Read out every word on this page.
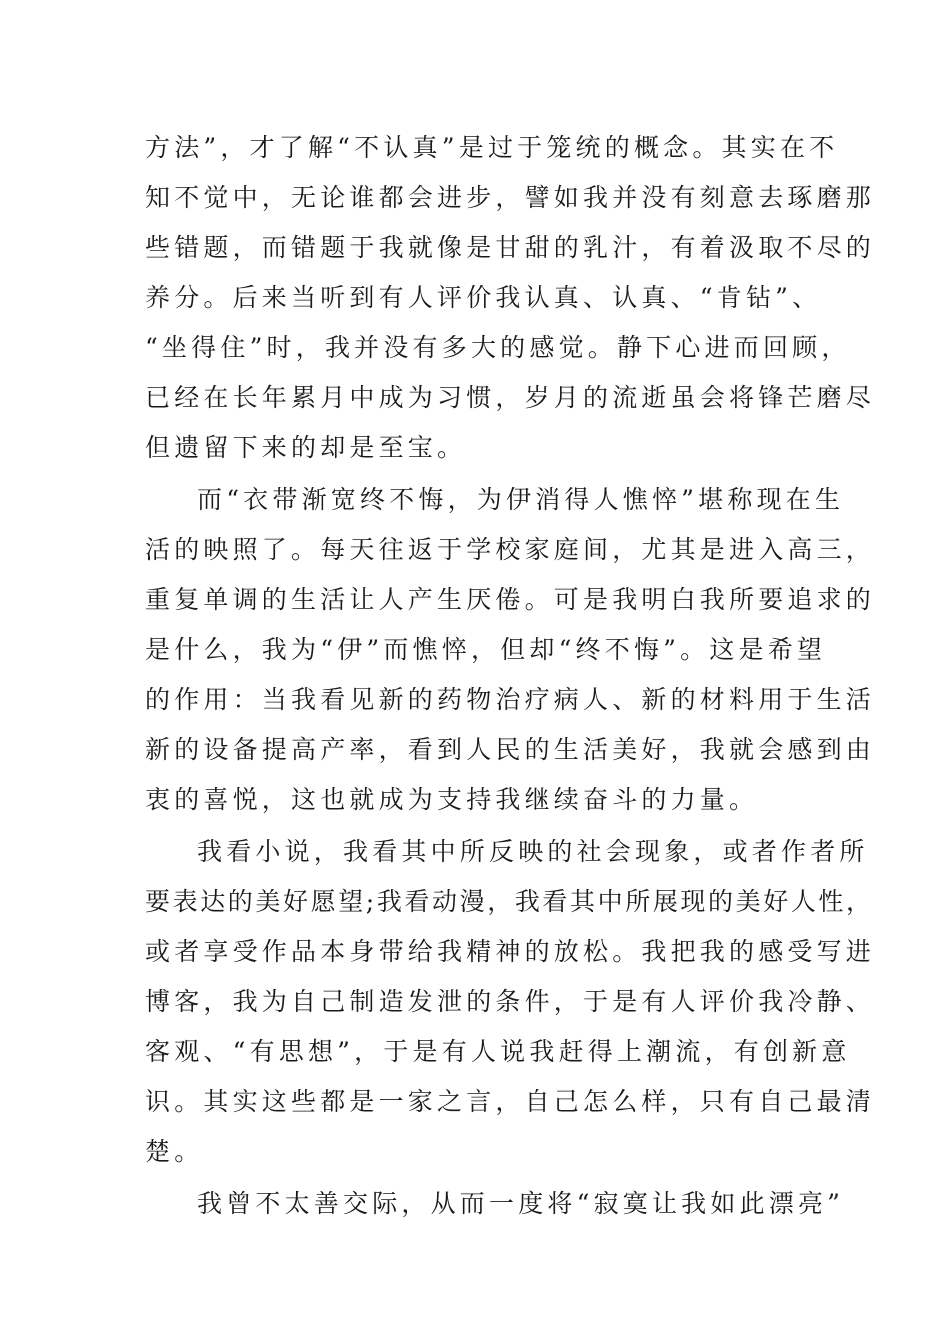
方法”，才了解“不认真”是过于笼统的概念。其实在不
知不觉中，无论谁都会进步，譬如我并没有刻意去琢磨那
些错题，而错题于我就像是甘甜的乳汁，有着汲取不尽的
养分。后来当听到有人评价我认真、认真、“肯钻”、
“坐得住”时，我并没有多大的感觉。静下心进而回顾，
已经在长年累月中成为习惯，岁月的流逝虽会将锋芒磨尽
但遗留下来的却是至宝。
而“衣带渐宽终不悔，为伊消得人憔悴”堪称现在生
活的映照了。每天往返于学校家庭间，尤其是进入高三，
重复单调的生活让人产生厌倦。可是我明白我所要追求的
是什么，我为“伊”而憔悴，但却“终不悔”。这是希望
的作用：当我看见新的药物治疗病人、新的材料用于生活
新的设备提高产率，看到人民的生活美好，我就会感到由
衷的喜悦，这也就成为支持我继续奋斗的力量。
我看小说，我看其中所反映的社会现象，或者作者所
要表达的美好愿望;我看动漫，我看其中所展现的美好人性，
或者享受作品本身带给我精神的放松。我把我的感受写进
博客，我为自己制造发泄的条件，于是有人评价我冷静、
客观、“有思想”，于是有人说我赶得上潮流，有创新意
识。其实这些都是一家之言，自己怎么样，只有自己最清
楚。
我曾不太善交际，从而一度将“寂寞让我如此漂亮”
